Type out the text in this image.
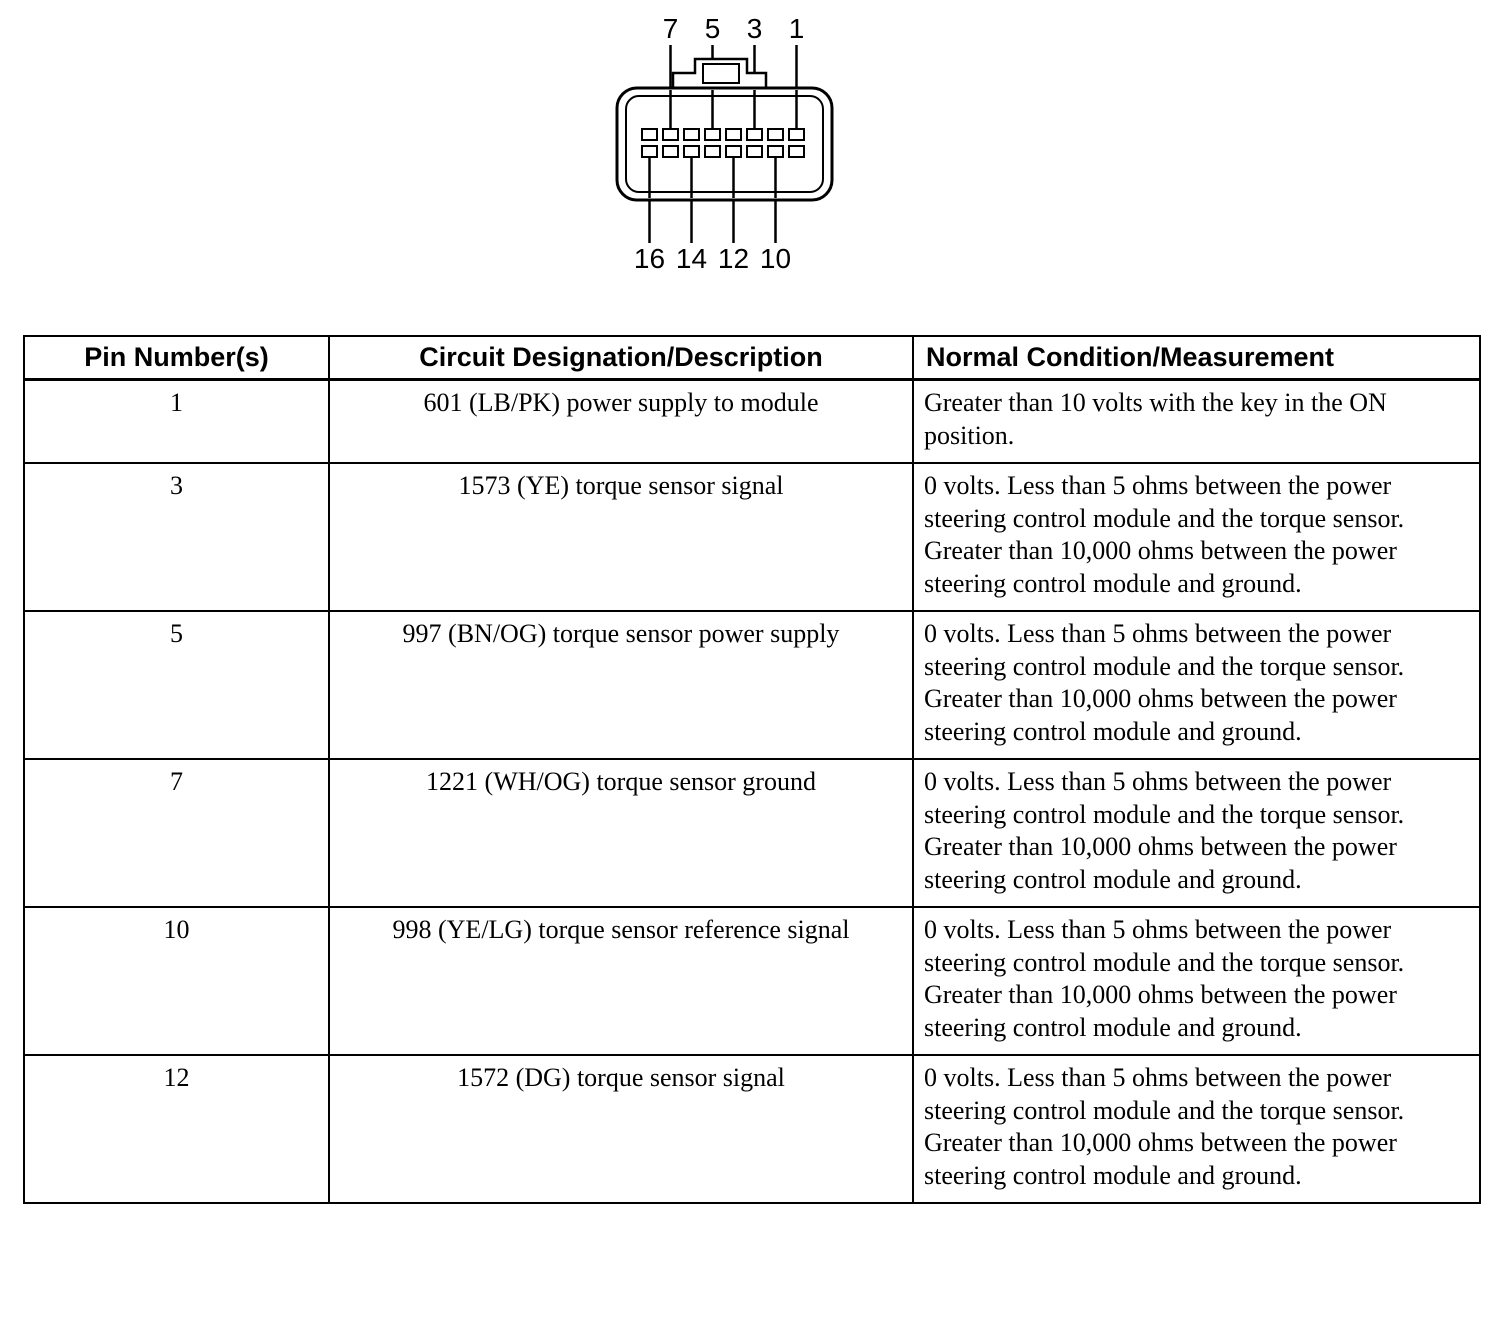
7 5 3 1
16 14 12 10
Pin Number(s)	Circuit Designation/Description	Normal Condition/Measurement
1	601 (LB/PK) power supply to module	Greater than 10 volts with the key in the ON position.
3	1573 (YE) torque sensor signal	0 volts. Less than 5 ohms between the power steering control module and the torque sensor. Greater than 10,000 ohms between the power steering control module and ground.
5	997 (BN/OG) torque sensor power supply	0 volts. Less than 5 ohms between the power steering control module and the torque sensor. Greater than 10,000 ohms between the power steering control module and ground.
7	1221 (WH/OG) torque sensor ground	0 volts. Less than 5 ohms between the power steering control module and the torque sensor. Greater than 10,000 ohms between the power steering control module and ground.
10	998 (YE/LG) torque sensor reference signal	0 volts. Less than 5 ohms between the power steering control module and the torque sensor. Greater than 10,000 ohms between the power steering control module and ground.
12	1572 (DG) torque sensor signal	0 volts. Less than 5 ohms between the power steering control module and the torque sensor. Greater than 10,000 ohms between the power steering control module and ground.
